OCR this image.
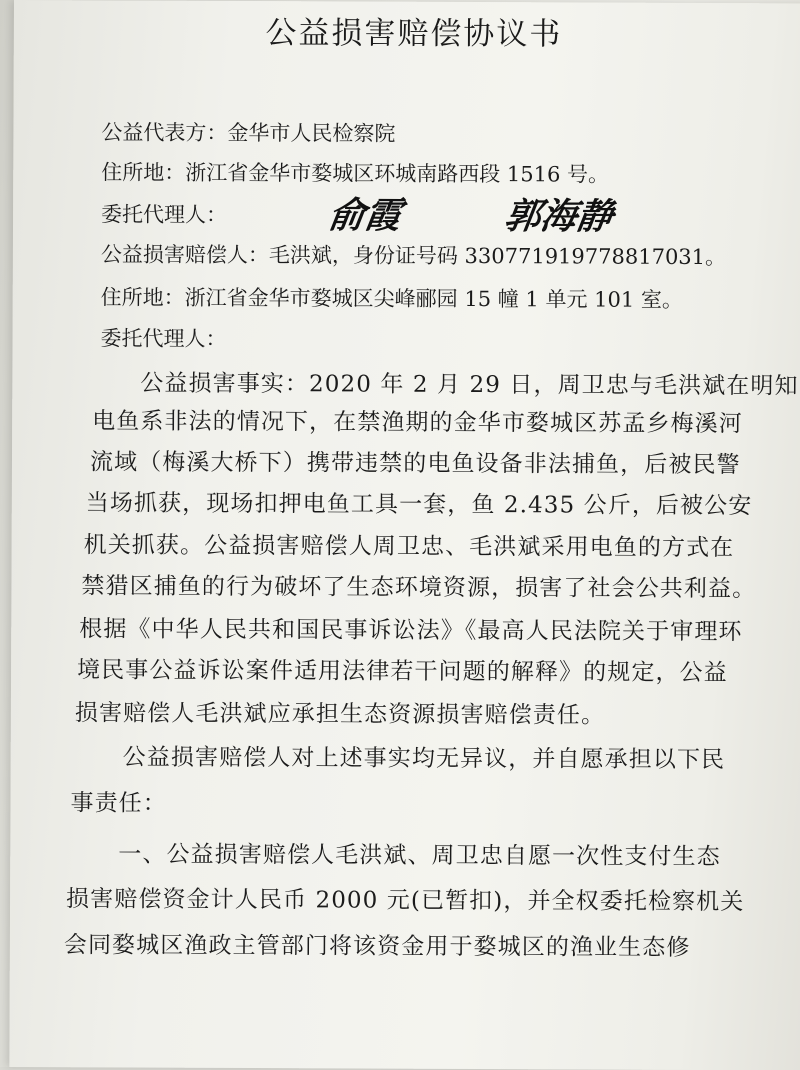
公益损害赔偿协议书
公益代表方：金华市人民检察院
住所地：浙江省金华市婺城区环城南路西段 1516 号。
委托代理人：	俞霞	郭海静
公益损害赔偿人：毛洪斌，身份证号码 330771919778817031。
住所地：浙江省金华市婺城区尖峰郦园 15 幢 1 单元 101 室。
委托代理人：
公益损害事实：2020 年 2 月 29 日，周卫忠与毛洪斌在明知
电鱼系非法的情况下，在禁渔期的金华市婺城区苏孟乡梅溪河
流域（梅溪大桥下）携带违禁的电鱼设备非法捕鱼，后被民警
当场抓获，现场扣押电鱼工具一套，鱼 2.435 公斤，后被公安
机关抓获。公益损害赔偿人周卫忠、毛洪斌采用电鱼的方式在
禁猎区捕鱼的行为破坏了生态环境资源，损害了社会公共利益。
根据《中华人民共和国民事诉讼法》《最高人民法院关于审理环
境民事公益诉讼案件适用法律若干问题的解释》的规定，公益
损害赔偿人毛洪斌应承担生态资源损害赔偿责任。
公益损害赔偿人对上述事实均无异议，并自愿承担以下民
事责任：
一、公益损害赔偿人毛洪斌、周卫忠自愿一次性支付生态
损害赔偿资金计人民币 2000 元(已暂扣)，并全权委托检察机关
会同婺城区渔政主管部门将该资金用于婺城区的渔业生态修
